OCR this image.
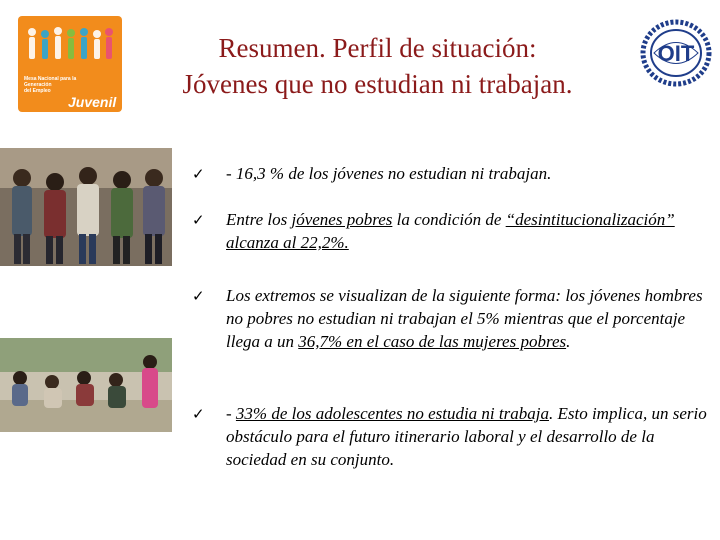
Mesa Nacional para la
Generación
del Empleo
Juvenil
Resumen. Perfil de situación:
Jóvenes que no estudian ni trabajan.
OIT
✓	- 16,3 % de los jóvenes no estudian ni trabajan.
✓	Entre los jóvenes pobres la condición de “desintitucionalización” alcanza al 22,2%.
✓	Los extremos se visualizan de la siguiente forma: los jóvenes hombres no pobres no estudian ni trabajan el 5% mientras que el porcentaje llega a un 36,7% en el caso de las mujeres pobres.
✓	- 33% de los adolescentes no estudia ni trabaja. Esto implica, un serio obstáculo para el futuro itinerario laboral y el desarrollo de la sociedad en su conjunto.
